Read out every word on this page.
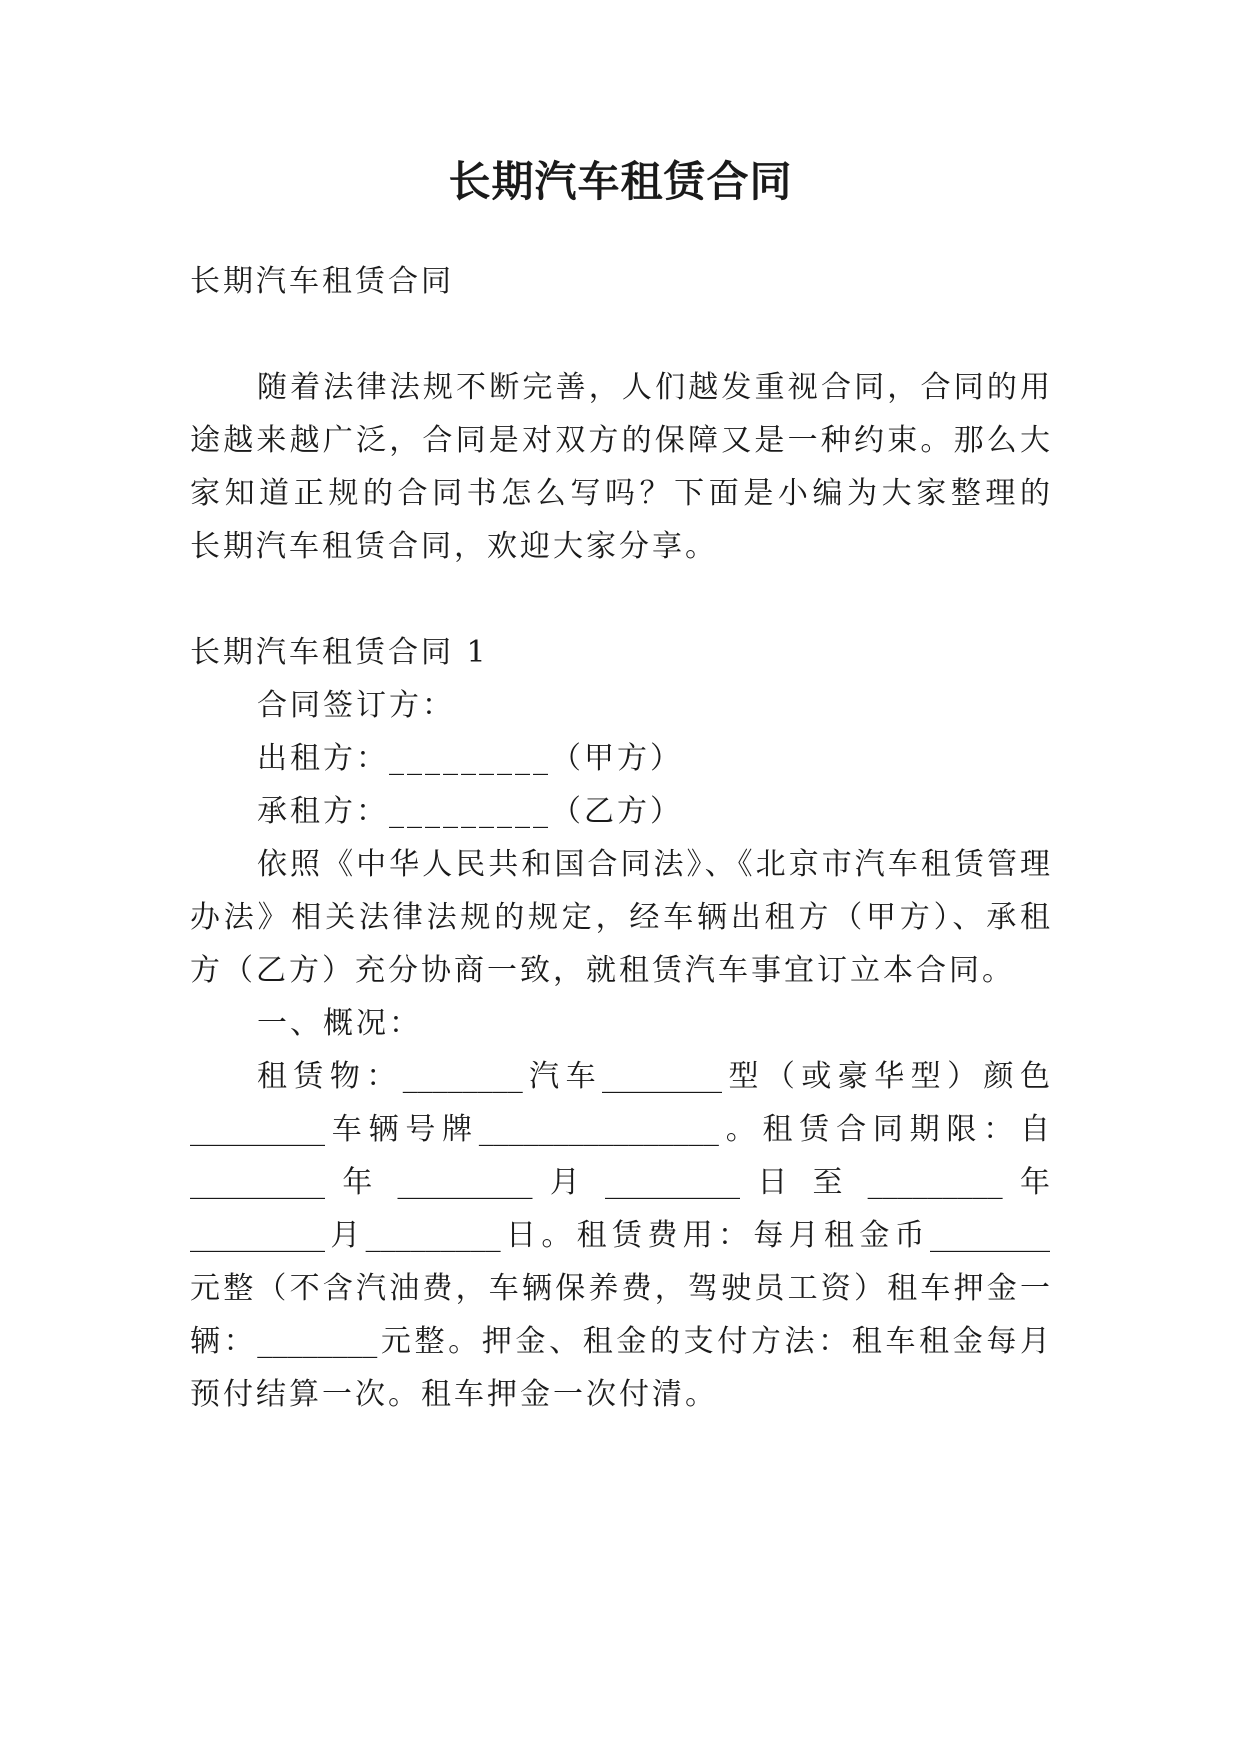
长期汽车租赁合同
长期汽车租赁合同
随着法律法规不断完善，人们越发重视合同，合同的用
途越来越广泛，合同是对双方的保障又是一种约束。那么大
家知道正规的合同书怎么写吗？下面是小编为大家整理的
长期汽车租赁合同，欢迎大家分享。
长期汽车租赁合同 1
合同签订方：
出租方：_________（甲方）
承租方：_________（乙方）
依照《中华人民共和国合同法》、《北京市汽车租赁管理
办法》相关法律法规的规定，经车辆出租方（甲方）、承租
方（乙方）充分协商一致，就租赁汽车事宜订立本合同。
一、概况：
租赁物：________汽车________型（或豪华型）颜色
_________车辆号牌________________。租赁合同期限：自
_________ 年 _________ 月 _________ 日 至 _________ 年
_________月_________日。租赁费用：每月租金币________
元整（不含汽油费，车辆保养费，驾驶员工资）租车押金一
辆：________元整。押金、租金的支付方法：租车租金每月
预付结算一次。租车押金一次付清。
